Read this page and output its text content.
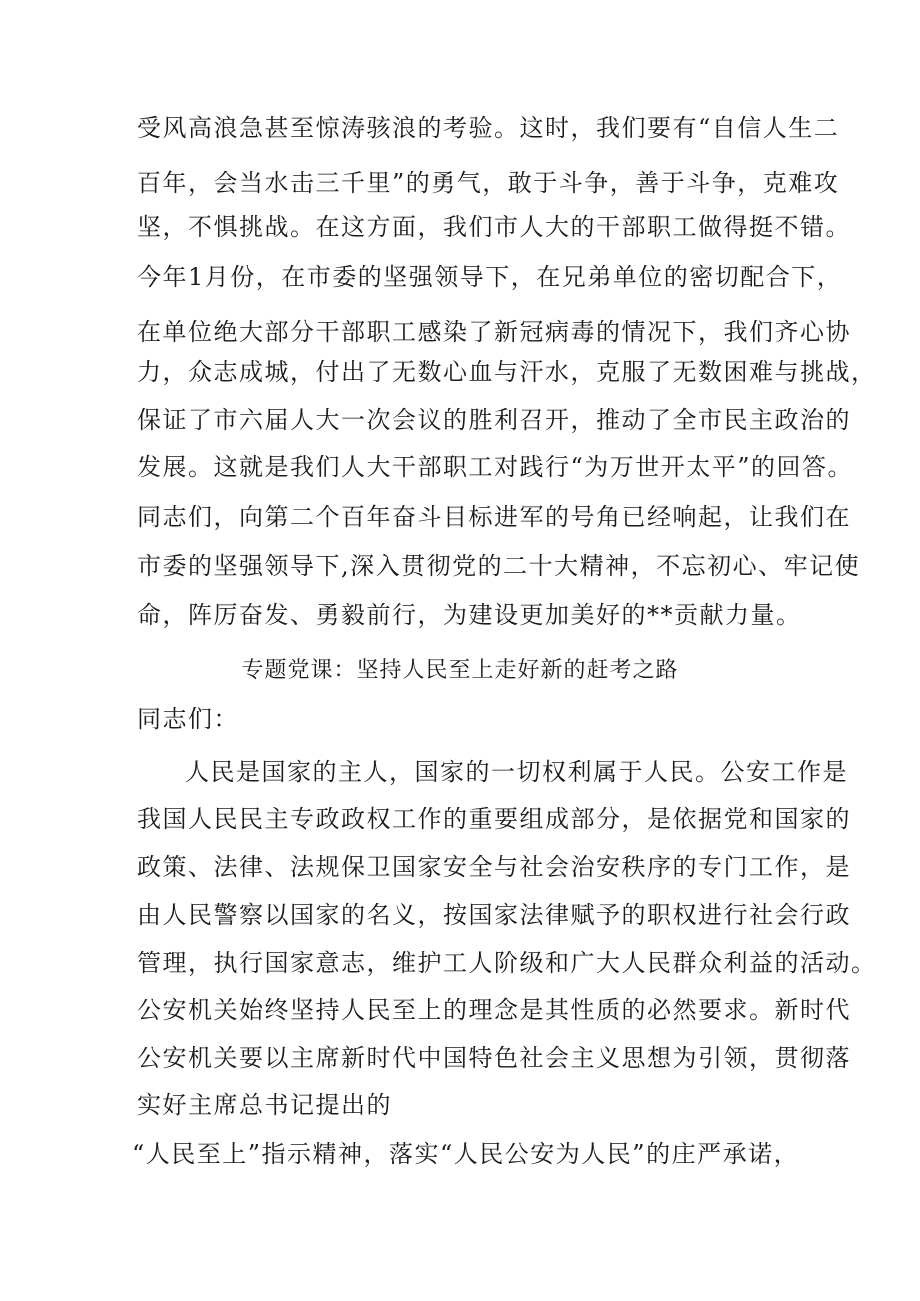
受风高浪急甚至惊涛骇浪的考验。这时，我们要有“自信人生二
百年，会当水击三千里”的勇气，敢于斗争，善于斗争，克难攻
坚，不惧挑战。在这方面，我们市人大的干部职工做得挺不错。
今年1月份，在市委的坚强领导下，在兄弟单位的密切配合下，
在单位绝大部分干部职工感染了新冠病毒的情况下，我们齐心协
力，众志成城，付出了无数心血与汗水，克服了无数困难与挑战，
保证了市六届人大一次会议的胜利召开，推动了全市民主政治的
发展。这就是我们人大干部职工对践行“为万世开太平”的回答。
同志们，向第二个百年奋斗目标进军的号角已经响起，让我们在
市委的坚强领导下,深入贯彻党的二十大精神，不忘初心、牢记使
命，阵厉奋发、勇毅前行，为建设更加美好的**贡献力量。
专题党课：坚持人民至上走好新的赶考之路
同志们：
人民是国家的主人，国家的一切权利属于人民。公安工作是
我国人民民主专政政权工作的重要组成部分，是依据党和国家的
政策、法律、法规保卫国家安全与社会治安秩序的专门工作，是
由人民警察以国家的名义，按国家法律赋予的职权进行社会行政
管理，执行国家意志，维护工人阶级和广大人民群众利益的活动。
公安机关始终坚持人民至上的理念是其性质的必然要求。新时代
公安机关要以主席新时代中国特色社会主义思想为引领，贯彻落
实好主席总书记提出的
“人民至上”指示精神，落实“人民公安为人民”的庄严承诺，
